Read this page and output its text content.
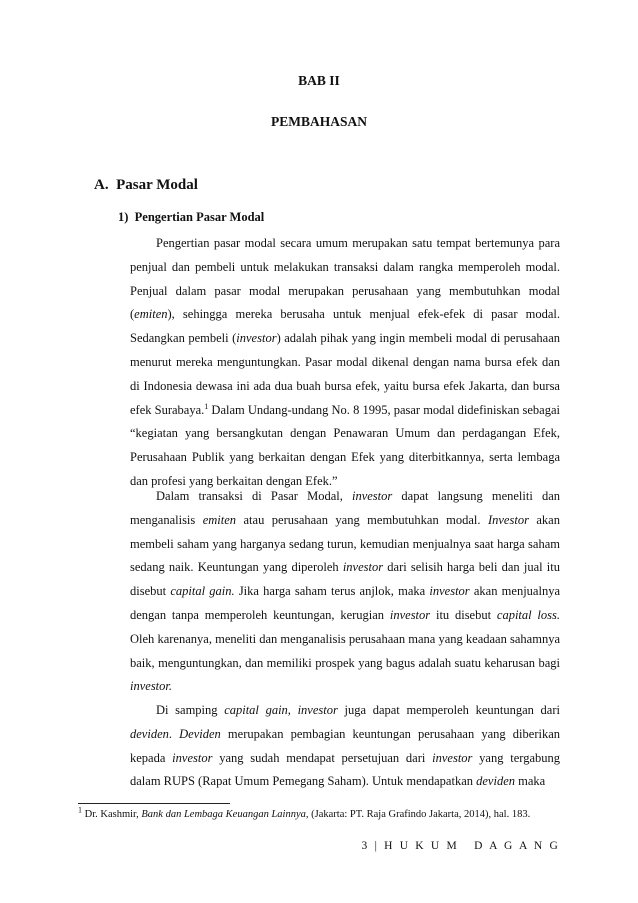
BAB II
PEMBAHASAN
A.  Pasar Modal
1)  Pengertian Pasar Modal

Pengertian pasar modal secara umum merupakan satu tempat bertemunya para penjual dan pembeli untuk melakukan transaksi dalam rangka memperoleh modal. Penjual dalam pasar modal merupakan perusahaan yang membutuhkan modal (emiten), sehingga mereka berusaha untuk menjual efek-efek di pasar modal. Sedangkan pembeli (investor) adalah pihak yang ingin membeli modal di perusahaan menurut mereka menguntungkan. Pasar modal dikenal dengan nama bursa efek dan di Indonesia dewasa ini ada dua buah bursa efek, yaitu bursa efek Jakarta, dan bursa efek Surabaya.$^1$ Dalam Undang-undang No. 8 1995, pasar modal didefiniskan sebagai “kegiatan yang bersangkutan dengan Penawaran Umum dan perdagangan Efek, Perusahaan Publik yang berkaitan dengan Efek yang diterbitkannya, serta lembaga dan profesi yang berkaitan dengan Efek.”

Dalam transaksi di Pasar Modal, investor dapat langsung meneliti dan menganalisis emiten atau perusahaan yang membutuhkan modal. Investor akan membeli saham yang harganya sedang turun, kemudian menjualnya saat harga saham sedang naik. Keuntungan yang diperoleh investor dari selisih harga beli dan jual itu disebut capital gain. Jika harga saham terus anjlok, maka investor akan menjualnya dengan tanpa memperoleh keuntungan, kerugian investor itu disebut capital loss. Oleh karenanya, meneliti dan menganalisis perusahaan mana yang keadaan sahamnya baik, menguntungkan, dan memiliki prospek yang bagus adalah suatu keharusan bagi investor.

Di samping capital gain, investor juga dapat memperoleh keuntungan dari deviden. Deviden merupakan pembagian keuntungan perusahaan yang diberikan kepada investor yang sudah mendapat persetujuan dari investor yang tergabung dalam RUPS (Rapat Umum Pemegang Saham). Untuk mendapatkan deviden maka

$^1$ Dr. Kashmir, Bank dan Lembaga Keuangan Lainnya, (Jakarta: PT. Raja Grafindo Jakarta, 2014), hal. 183.
3 | H U K U M   D A G A N G
